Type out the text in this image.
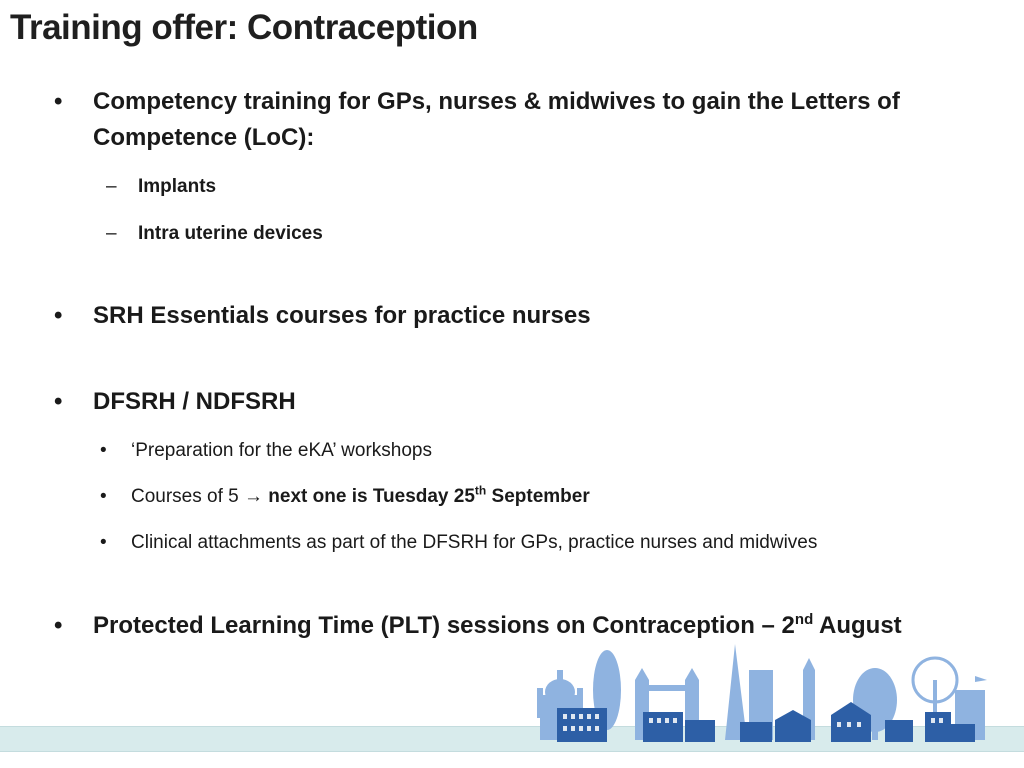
Training offer: Contraception
• Competency training for GPs, nurses & midwives to gain the Letters of
Competence (LoC):
– Implants
– Intra uterine devices
• SRH Essentials courses for practice nurses
• DFSRH / NDFSRH
• ‘Preparation for the eKA’ workshops
• Courses of 5 → next one is Tuesday 25th September
• Clinical attachments as part of the DFSRH for GPs, practice nurses and midwives
• Protected Learning Time (PLT) sessions on Contraception – 2nd August
